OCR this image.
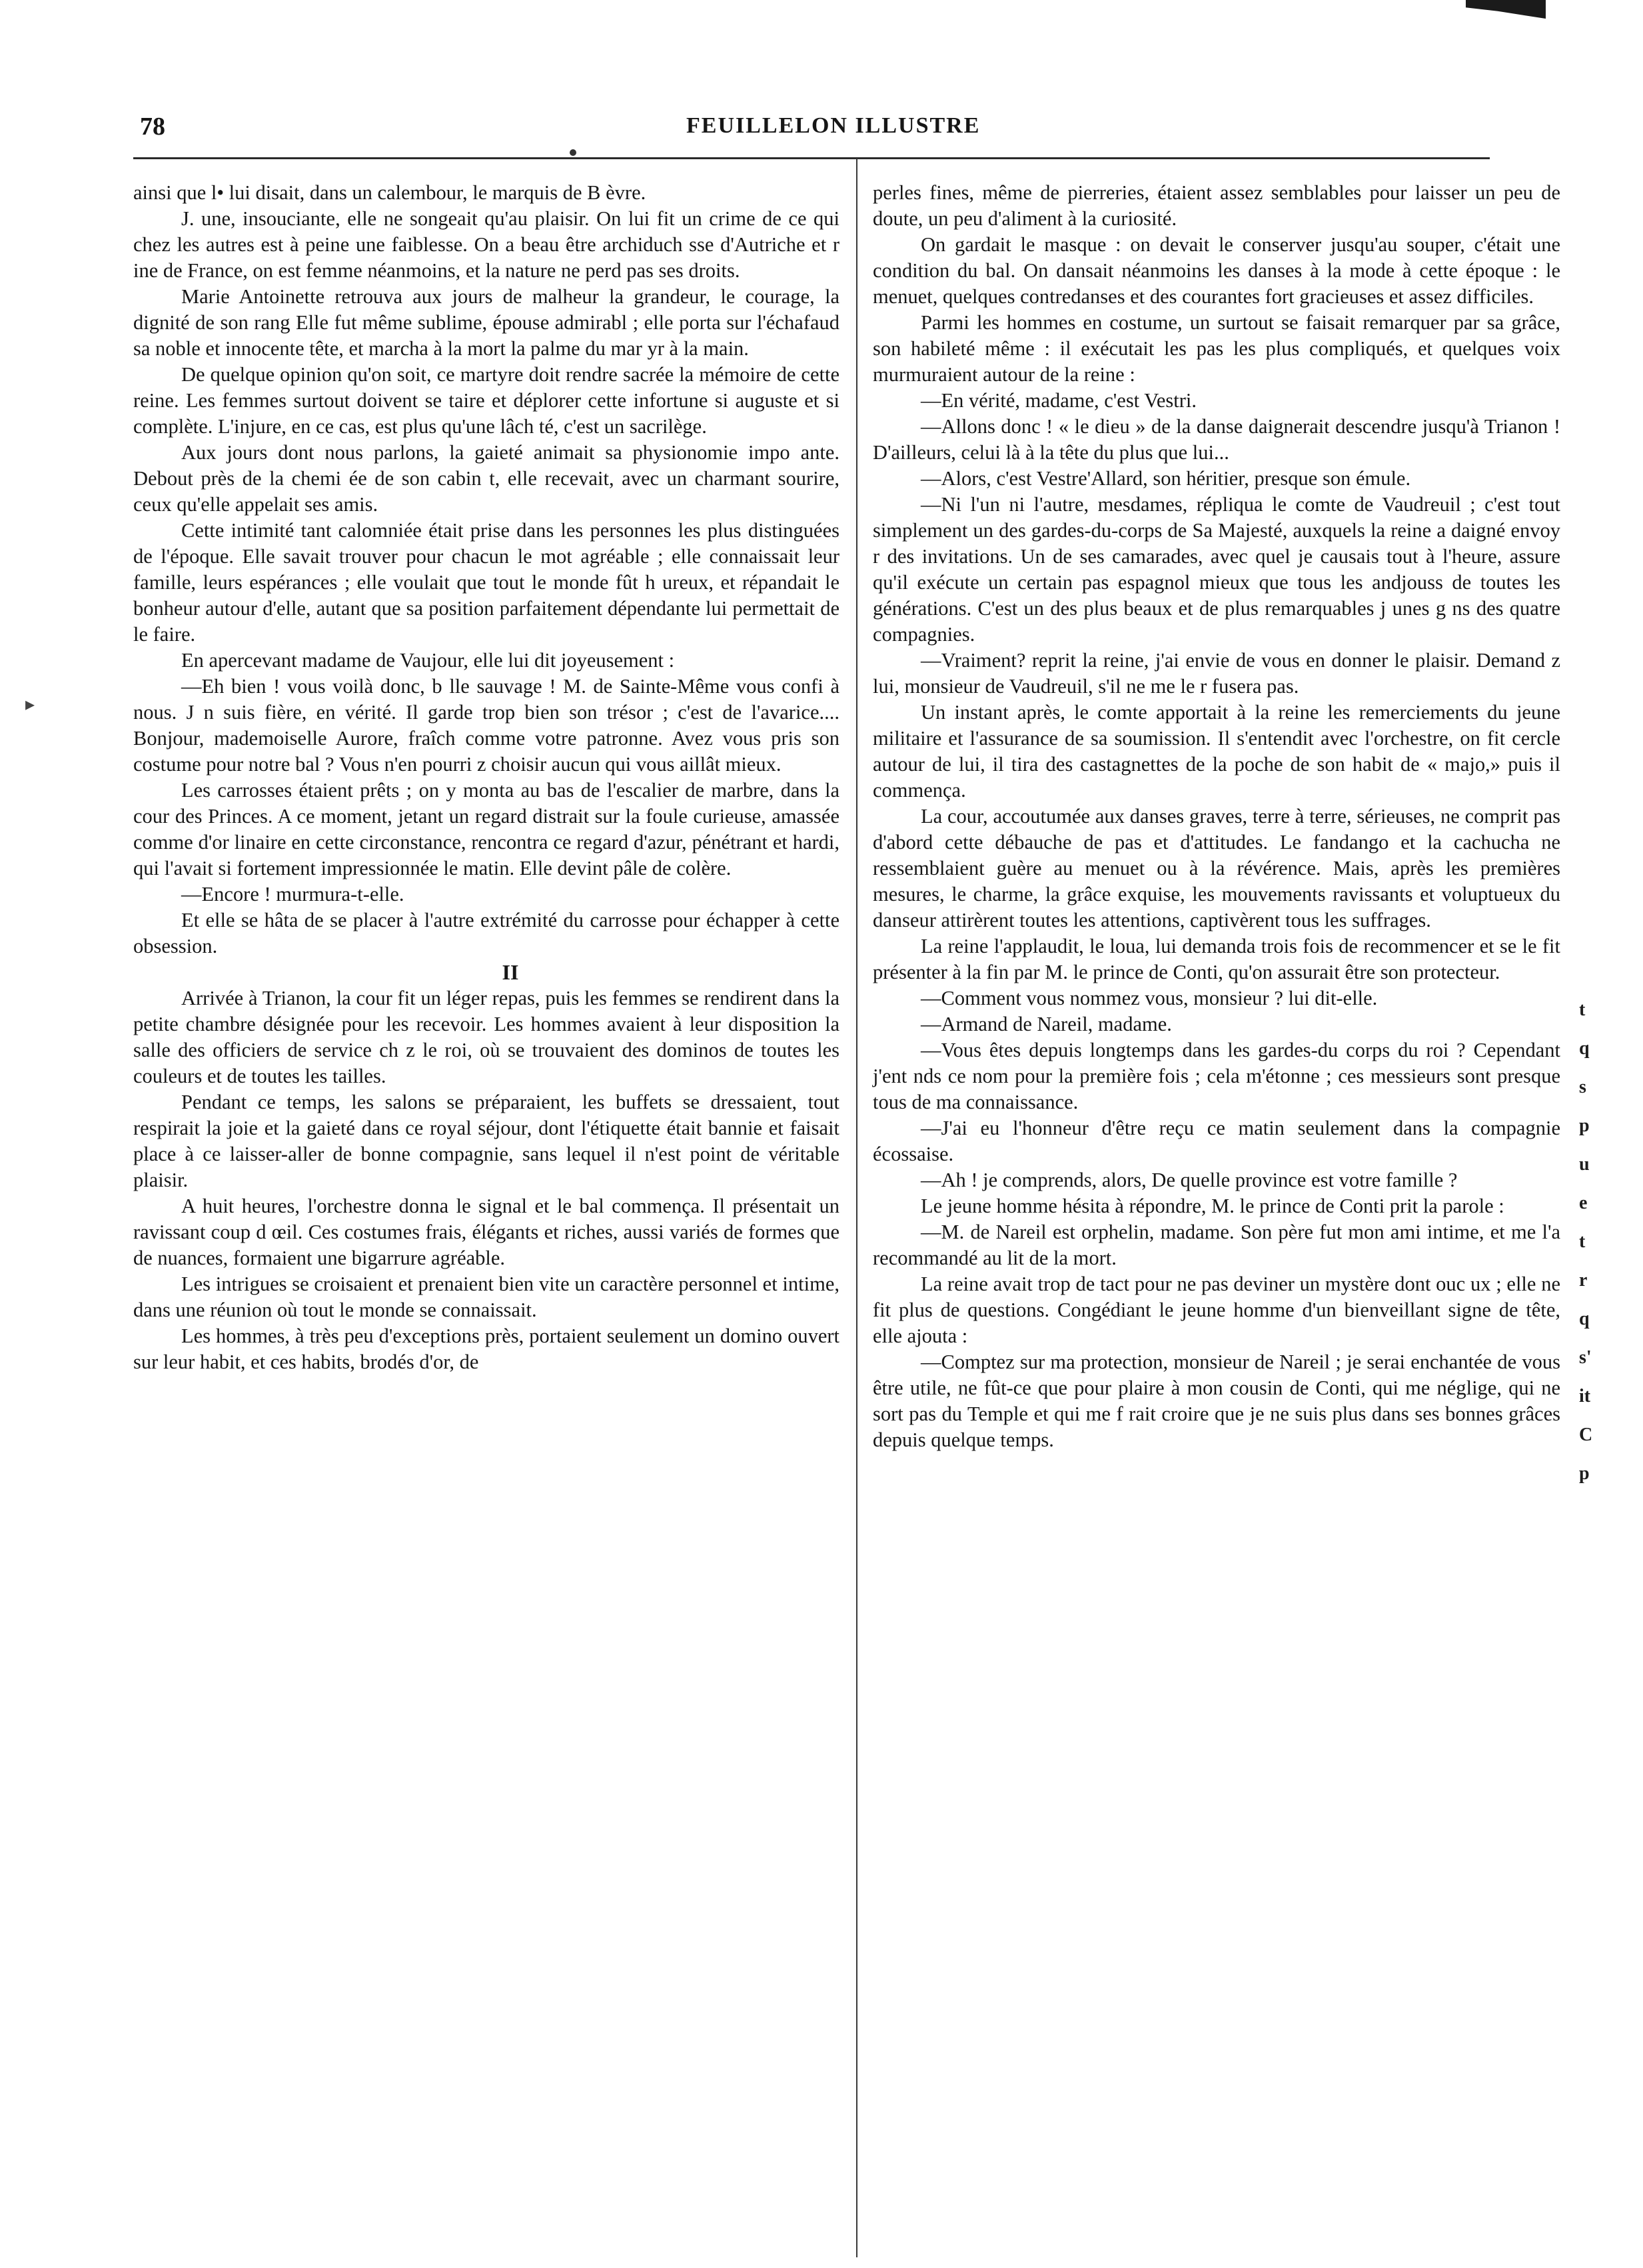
78	FEUILLELON ILLUSTRE
▸

ainsi que l• lui disait, dans un calembour, le marquis de B èvre.

J. une, insouciante, elle ne songeait qu'au plaisir. On lui fit un crime de ce qui chez les autres est à peine une faiblesse. On a beau être archiduch sse d'Autriche et r ine de France, on est femme néanmoins, et la nature ne perd pas ses droits.

Marie Antoinette retrouva aux jours de malheur la grandeur, le courage, la dignité de son rang Elle fut même sublime, épouse admirabl ; elle porta sur l'échafaud sa noble et innocente tête, et marcha à la mort la palme du mar yr à la main.

De quelque opinion qu'on soit, ce martyre doit rendre sacrée la mémoire de cette reine. Les femmes surtout doivent se taire et déplorer cette infortune si auguste et si complète. L'injure, en ce cas, est plus qu'une lâch té, c'est un sacrilège.

Aux jours dont nous parlons, la gaieté animait sa physionomie impo ante. Debout près de la chemi ée de son cabin t, elle recevait, avec un charmant sourire, ceux qu'elle appelait ses amis.

Cette intimité tant calomniée était prise dans les personnes les plus distinguées de l'époque. Elle savait trouver pour chacun le mot agréable ; elle connaissait leur famille, leurs espérances ; elle voulait que tout le monde fût h ureux, et répandait le bonheur autour d'elle, autant que sa position parfaitement dépendante lui permettait de le faire.

En apercevant madame de Vaujour, elle lui dit joyeusement :

—Eh bien ! vous voilà donc, b lle sauvage ! M. de Sainte-Même vous confi à nous. J n suis fière, en vérité. Il garde trop bien son trésor ; c'est de l'avarice.... Bonjour, mademoiselle Aurore, fraîch comme votre patronne. Avez vous pris son costume pour notre bal ? Vous n'en pourri z choisir aucun qui vous aillât mieux.

Les carrosses étaient prêts ; on y monta au bas de l'escalier de marbre, dans la cour des Princes. A ce moment, jetant un regard distrait sur la foule curieuse, amassée comme d'or linaire en cette circonstance, rencontra ce regard d'azur, pénétrant et hardi, qui l'avait si fortement impressionnée le matin. Elle devint pâle de colère.

—Encore ! murmura-t-elle.

Et elle se hâta de se placer à l'autre extrémité du carrosse pour échapper à cette obsession.

II

Arrivée à Trianon, la cour fit un léger repas, puis les femmes se rendirent dans la petite chambre désignée pour les recevoir. Les hommes avaient à leur disposition la salle des officiers de service ch z le roi, où se trouvaient des dominos de toutes les couleurs et de toutes les tailles.

Pendant ce temps, les salons se préparaient, les buffets se dressaient, tout respirait la joie et la gaieté dans ce royal séjour, dont l'étiquette était bannie et faisait place à ce laisser-aller de bonne compagnie, sans lequel il n'est point de véritable plaisir.

A huit heures, l'orchestre donna le signal et le bal commença. Il présentait un ravissant coup d œil. Ces costumes frais, élégants et riches, aussi variés de formes que de nuances, formaient une bigarrure agréable.

Les intrigues se croisaient et prenaient bien vite un caractère personnel et intime, dans une réunion où tout le monde se connaissait.

Les hommes, à très peu d'exceptions près, portaient seulement un domino ouvert sur leur habit, et ces habits, brodés d'or, de

perles fines, même de pierreries, étaient assez semblables pour laisser un peu de doute, un peu d'aliment à la curiosité.

On gardait le masque : on devait le conserver jusqu'au souper, c'était une condition du bal. On dansait néanmoins les danses à la mode à cette époque : le menuet, quelques contredanses et des courantes fort gracieuses et assez difficiles.

Parmi les hommes en costume, un surtout se faisait remarquer par sa grâce, son habileté même : il exécutait les pas les plus compliqués, et quelques voix murmuraient autour de la reine :

—En vérité, madame, c'est Vestri.

—Allons donc ! « le dieu » de la danse daignerait descendre jusqu'à Trianon ! D'ailleurs, celui là à la tête du plus que lui...

—Alors, c'est Vestre'Allard, son héritier, presque son émule.

—Ni l'un ni l'autre, mesdames, répliqua le comte de Vaudreuil ; c'est tout simplement un des gardes-du-corps de Sa Majesté, auxquels la reine a daigné envoy r des invitations. Un de ses camarades, avec quel je causais tout à l'heure, assure qu'il exécute un certain pas espagnol mieux que tous les andjouss de toutes les générations. C'est un des plus beaux et de plus remarquables j unes g ns des quatre compagnies.

—Vraiment? reprit la reine, j'ai envie de vous en donner le plaisir. Demand z lui, monsieur de Vaudreuil, s'il ne me le r fusera pas.

Un instant après, le comte apportait à la reine les remerciements du jeune militaire et l'assurance de sa soumission. Il s'entendit avec l'orchestre, on fit cercle autour de lui, il tira des castagnettes de la poche de son habit de « majo,» puis il commença.

La cour, accoutumée aux danses graves, terre à terre, sérieuses, ne comprit pas d'abord cette débauche de pas et d'attitudes. Le fandango et la cachucha ne ressemblaient guère au menuet ou à la révérence. Mais, après les premières mesures, le charme, la grâce exquise, les mouvements ravissants et voluptueux du danseur attirèrent toutes les attentions, captivèrent tous les suffrages.

La reine l'applaudit, le loua, lui demanda trois fois de recommencer et se le fit présenter à la fin par M. le prince de Conti, qu'on assurait être son protecteur.

—Comment vous nommez vous, monsieur ? lui dit-elle.

—Armand de Nareil, madame.

—Vous êtes depuis longtemps dans les gardes-du corps du roi ? Cependant j'ent nds ce nom pour la première fois ; cela m'étonne ; ces messieurs sont presque tous de ma connaissance.

—J'ai eu l'honneur d'être reçu ce matin seulement dans la compagnie écossaise.

—Ah ! je comprends, alors, De quelle province est votre famille ?

Le jeune homme hésita à répondre, M. le prince de Conti prit la parole :

—M. de Nareil est orphelin, madame. Son père fut mon ami intime, et me l'a recommandé au lit de la mort.

La reine avait trop de tact pour ne pas deviner un mystère dont ouc ux ; elle ne fit plus de questions. Congédiant le jeune homme d'un bienveillant signe de tête, elle ajouta :

—Comptez sur ma protection, monsieur de Nareil ; je serai enchantée de vous être utile, ne fût-ce que pour plaire à mon cousin de Conti, qui me néglige, qui ne sort pas du Temple et qui me f rait croire que je ne suis plus dans ses bonnes grâces depuis quelque temps.

t
q
s
p
u
e
t
r
q
s'
it
C
p
